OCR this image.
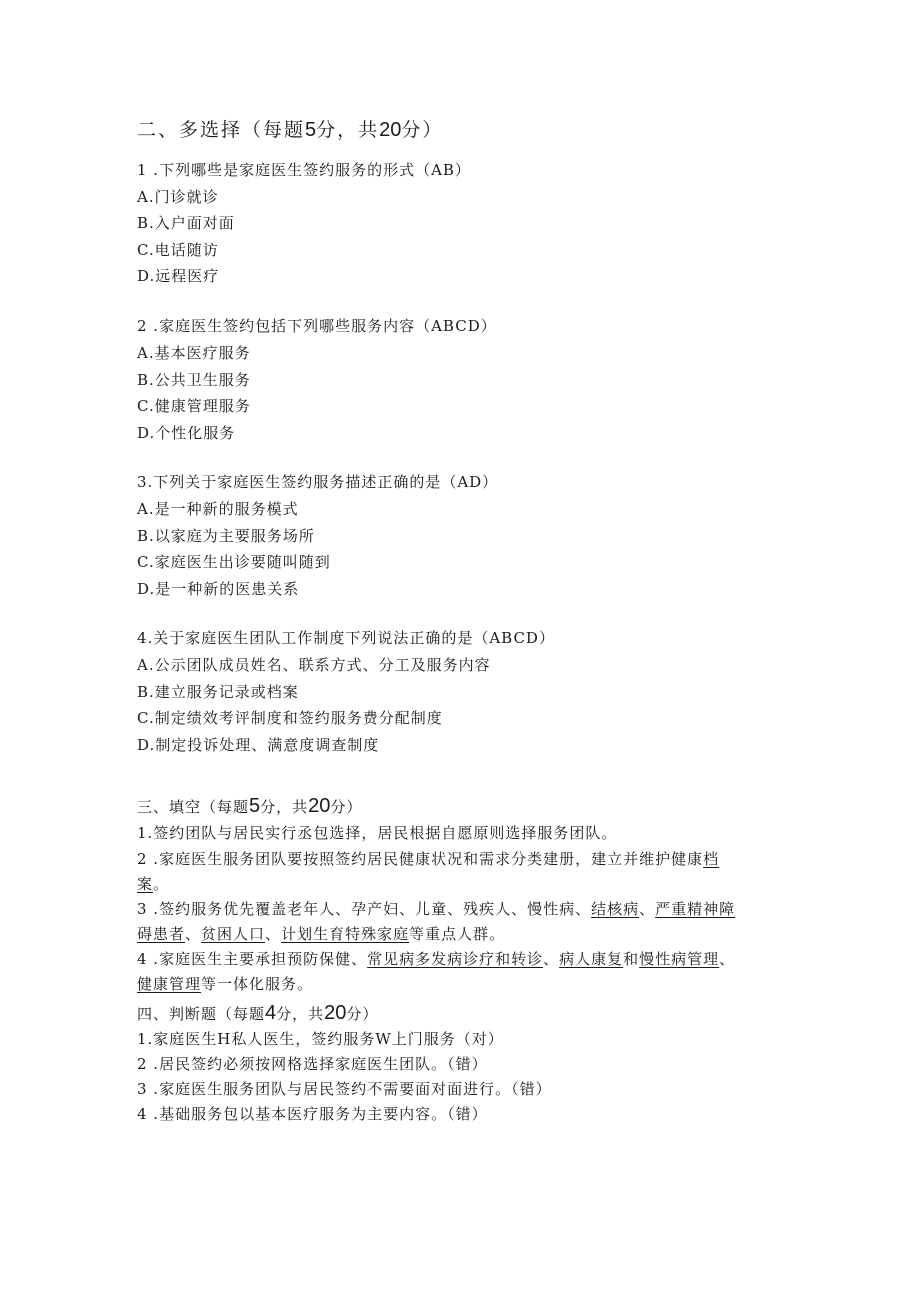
二、多选择（每题5分，共20分）
1 .下列哪些是家庭医生签约服务的形式（AB）
A.门诊就诊
B.入户面对面
C.电话随访
D.远程医疗
2 .家庭医生签约包括下列哪些服务内容（ABCD）
A.基本医疗服务
B.公共卫生服务
C.健康管理服务
D.个性化服务
3.下列关于家庭医生签约服务描述正确的是（AD）
A.是一种新的服务模式
B.以家庭为主要服务场所
C.家庭医生出诊要随叫随到
D.是一种新的医患关系
4.关于家庭医生团队工作制度下列说法正确的是（ABCD）
A.公示团队成员姓名、联系方式、分工及服务内容
B.建立服务记录或档案
C.制定绩效考评制度和签约服务费分配制度
D.制定投诉处理、满意度调查制度
三、填空（每题5分，共20分）
1.签约团队与居民实行丞包选择，居民根据自愿原则选择服务团队。
2 .家庭医生服务团队要按照签约居民健康状况和需求分类建册，建立并维护健康档
案。
3 .签约服务优先覆盖老年人、孕产妇、儿童、残疾人、慢性病、结核病、严重精神障
碍患者、贫困人口、计划生育特殊家庭等重点人群。
4 .家庭医生主要承担预防保健、常见病多发病诊疗和转诊、病人康复和慢性病管理、
健康管理等一体化服务。
四、判断题（每题4分，共20分）
1.家庭医生H私人医生，签约服务W上门服务（对）
2 .居民签约必须按网格选择家庭医生团队。（错）
3 .家庭医生服务团队与居民签约不需要面对面进行。（错）
4 .基础服务包以基本医疗服务为主要内容。（错）
